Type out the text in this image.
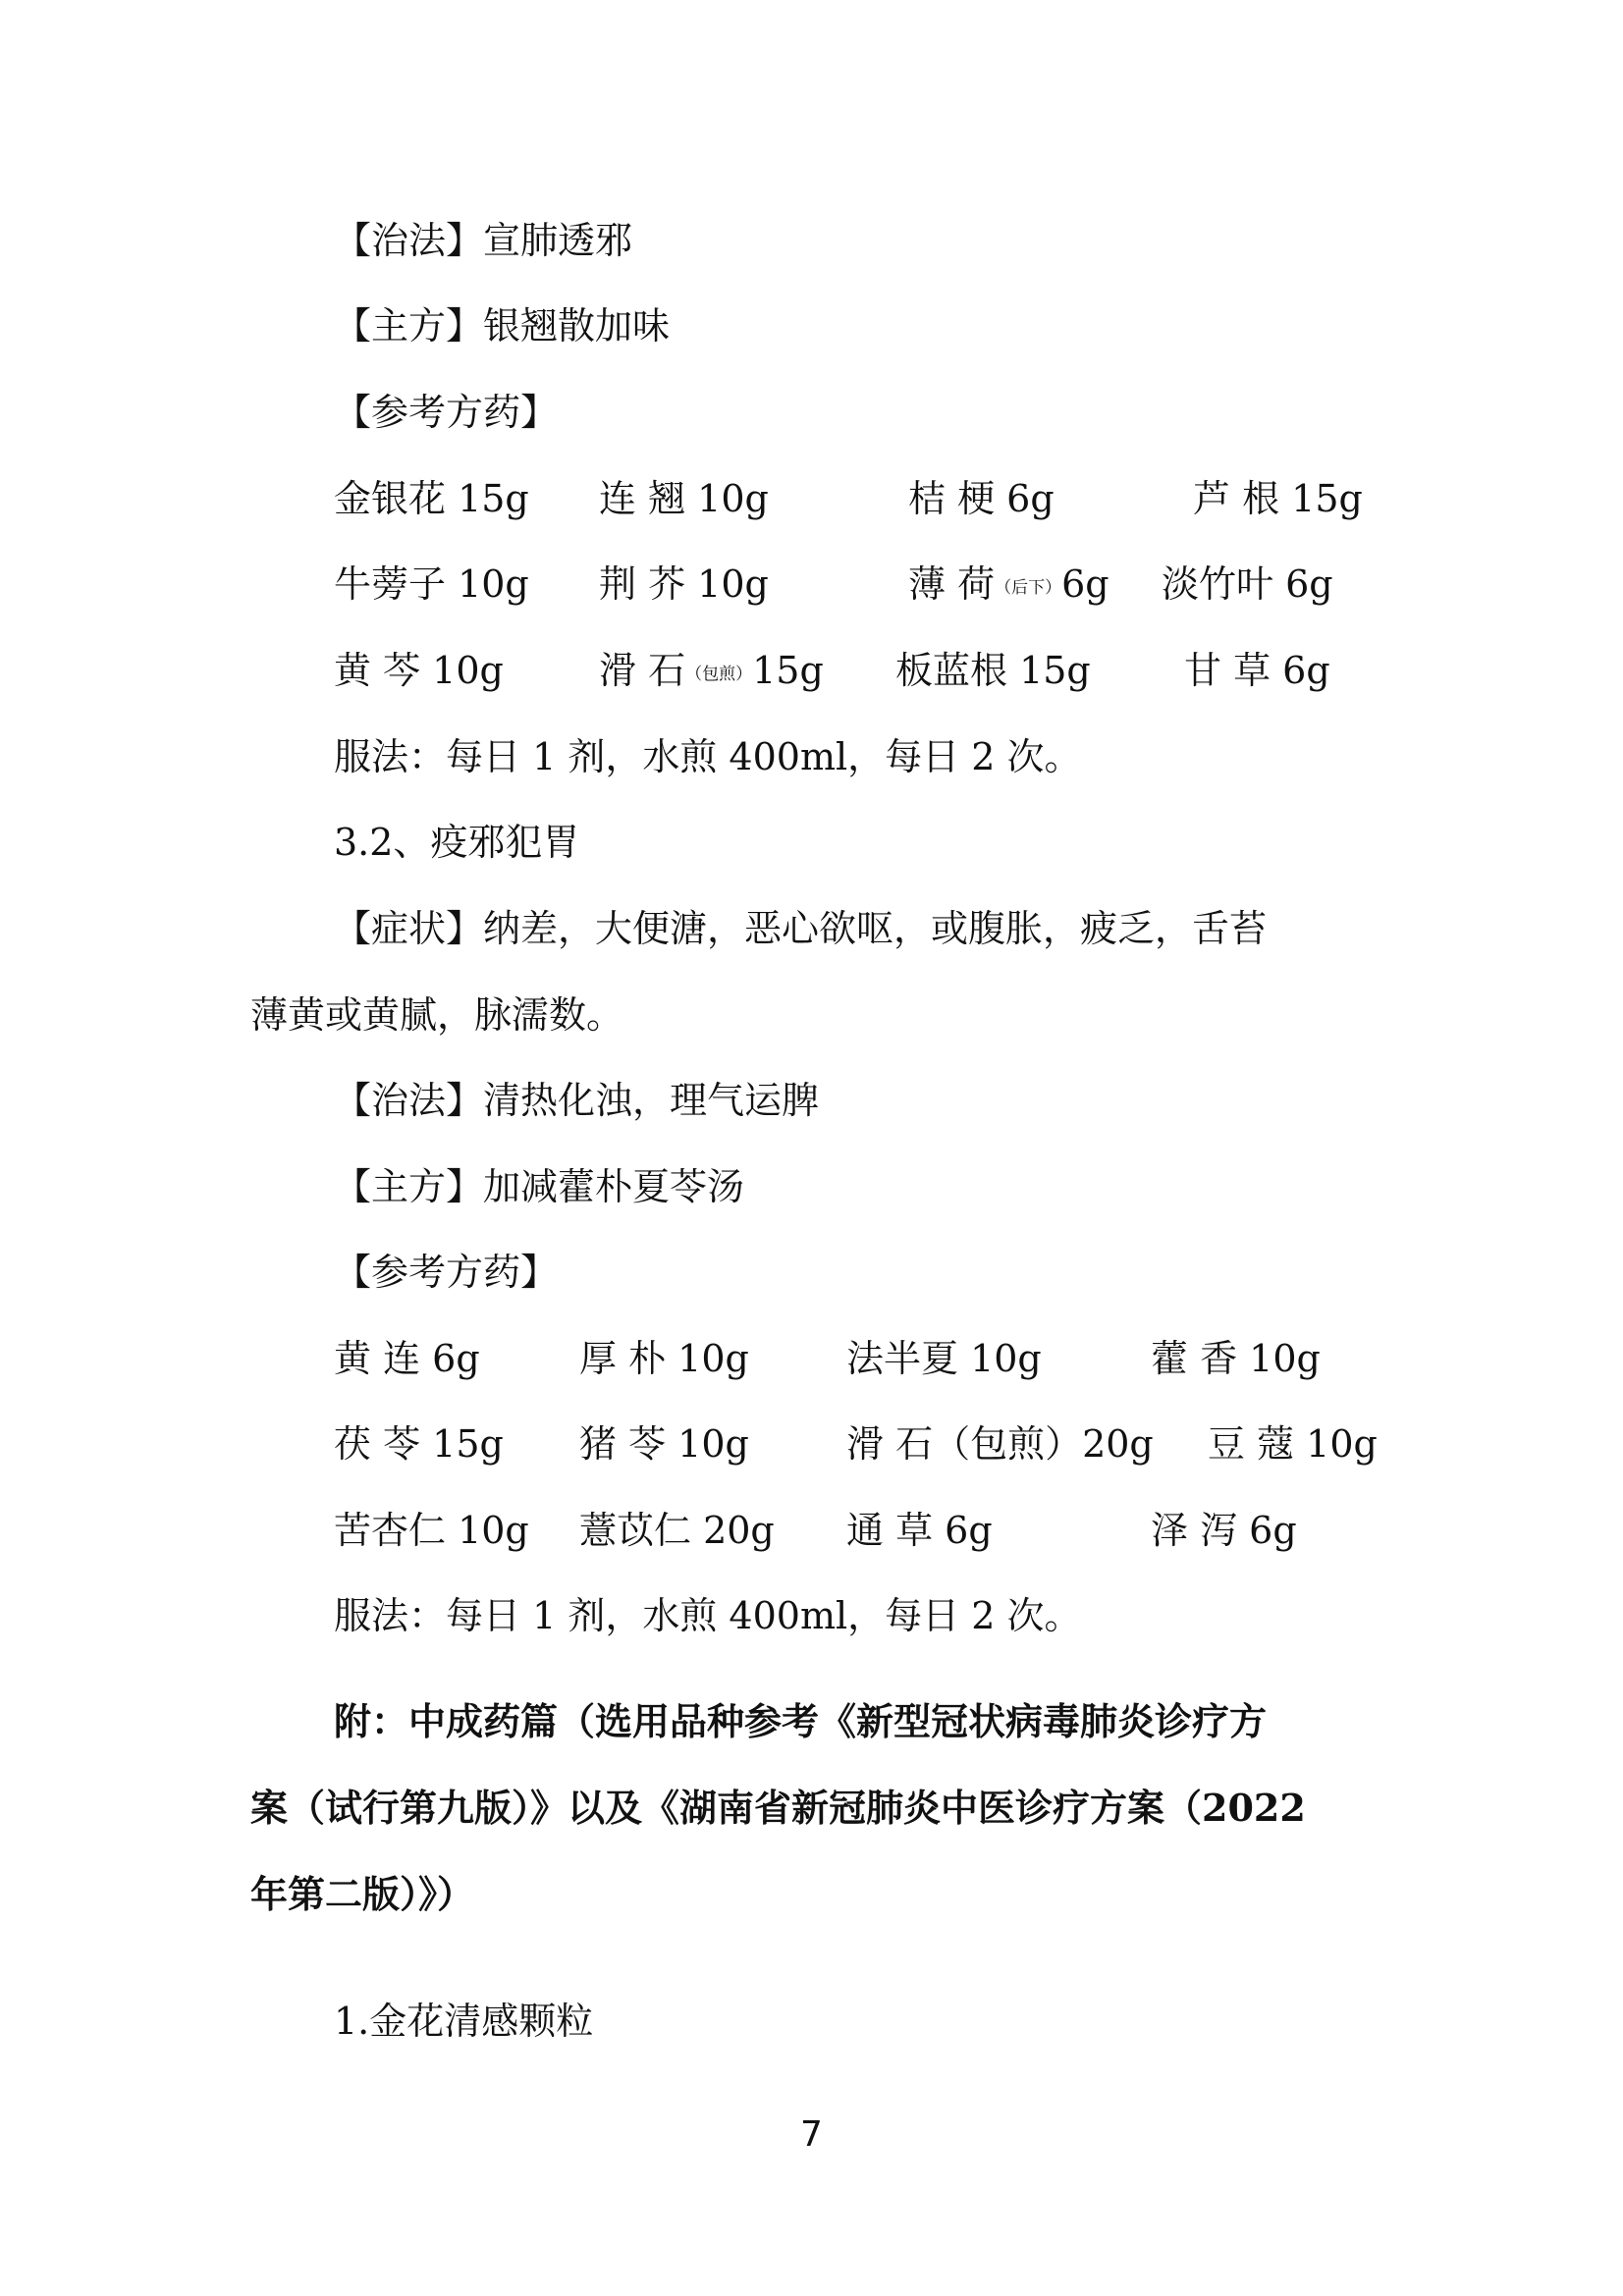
【治法】宣肺透邪
【主方】银翘散加味
【参考方药】
金银花 15g 连 翘 10g	桔 梗 6g	芦 根 15g
牛蒡子 10g 荆 芥 10g	薄 荷（后下）6g 淡竹叶 6g
黄 芩 10g	滑 石（包煎）15g 板蓝根 15g	甘 草 6g
服法：每日 1 剂，水煎 400ml，每日 2 次。
3.2、疫邪犯胃
【症状】纳差，大便溏，恶心欲呕，或腹胀，疲乏，舌苔
薄黄或黄腻，脉濡数。
【治法】清热化浊，理气运脾
【主方】加减藿朴夏苓汤
【参考方药】
黄 连 6g	厚 朴 10g	法半夏 10g	藿 香 10g
茯 苓 15g 猪 苓 10g	滑 石（包煎）20g 豆 蔻 10g
苦杏仁 10g 薏苡仁 20g 通 草 6g	泽 泻 6g
服法：每日 1 剂，水煎 400ml，每日 2 次。
附：中成药篇（选用品种参考《新型冠状病毒肺炎诊疗方
案（试行第九版）》以及《湖南省新冠肺炎中医诊疗方案（2022
年第二版）》）
1.金花清感颗粒
7
